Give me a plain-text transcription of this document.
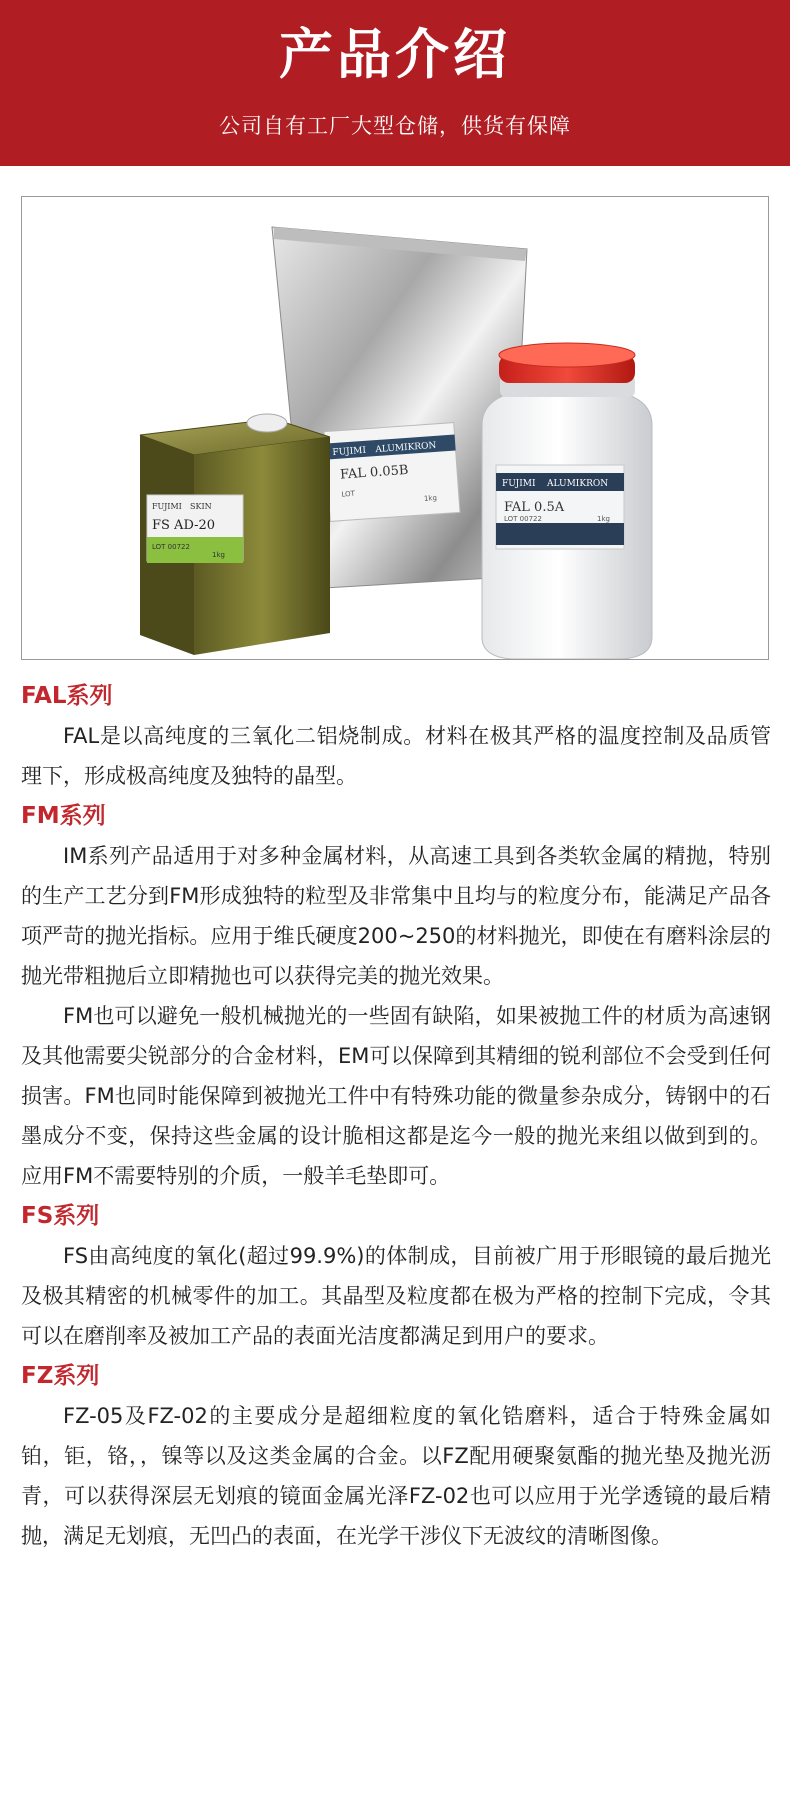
产品介绍
公司自有工厂大型仓储，供货有保障
FUJIMI ALUMIKRON
FAL 0.05B
LOT	1kg
FUJIMI SKIN
FS AD-20
LOT 00722
1kg
FUJIMI ALUMIKRON
FAL 0.5A
LOT 00722	1kg
FAL系列

FAL是以高纯度的三氧化二铝烧制成。材料在极其严格的温度控制及品质管理下，形成极高纯度及独特的晶型。

FM系列

IM系列产品适用于对多种金属材料，从高速工具到各类软金属的精抛，特别的生产工艺分到FM形成独特的粒型及非常集中且均与的粒度分布，能满足产品各项严苛的抛光指标。应用于维氏硬度200~250的材料抛光，即使在有磨料涂层的抛光带粗抛后立即精抛也可以获得完美的抛光效果。

FM也可以避免一般机械抛光的一些固有缺陷，如果被抛工件的材质为高速钢及其他需要尖锐部分的合金材料，EM可以保障到其精细的锐利部位不会受到任何损害。FM也同时能保障到被抛光工件中有特殊功能的微量参杂成分，铸钢中的石墨成分不变，保持这些金属的设计脆相这都是迄今一般的抛光来组以做到到的。应用FM不需要特别的介质，一般羊毛垫即可。

FS系列

FS由高纯度的氧化(超过99.9%)的体制成，目前被广用于形眼镜的最后抛光及极其精密的机械零件的加工。其晶型及粒度都在极为严格的控制下完成，令其可以在磨削率及被加工产品的表面光洁度都满足到用户的要求。

FZ系列

FZ-05及FZ-02的主要成分是超细粒度的氧化锆磨料，适合于特殊金属如铂，钜，铬，，镍等以及这类金属的合金。以FZ配用硬聚氨酯的抛光垫及抛光沥青，可以获得深层无划痕的镜面金属光泽FZ-02也可以应用于光学透镜的最后精抛，满足无划痕，无凹凸的表面，在光学干涉仪下无波纹的清晰图像。
